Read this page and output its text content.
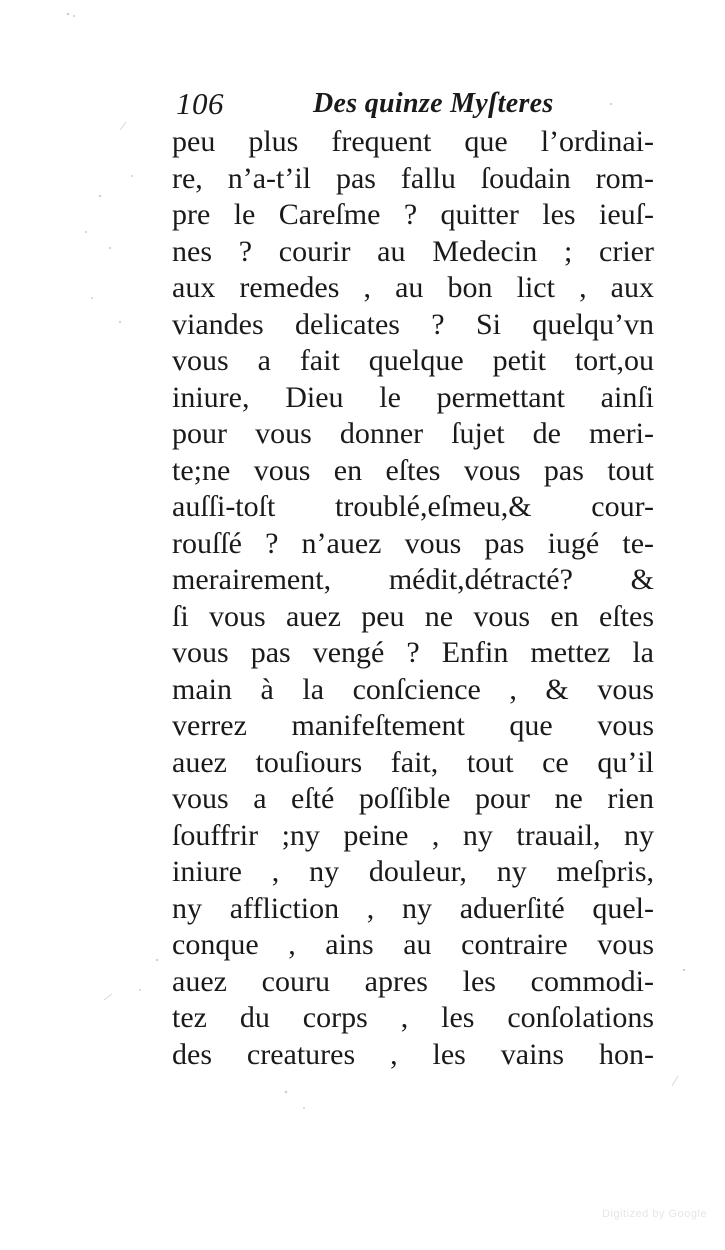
106	Des quinze Myſteres
peu plus frequent que l’ordinai-
re, n’a-t’il pas fallu ſoudain rom-
pre le Careſme ? quitter les ieuſ-
nes ? courir au Medecin ; crier
aux remedes , au bon lict , aux
viandes delicates ? Si quelqu’vn
vous a fait quelque petit tort,ou
iniure, Dieu le permettant ainſi
pour vous donner ſujet de meri-
te;ne vous en eſtes vous pas tout
auſſi-toſt troublé,eſmeu,& cour-
rouſſé ? n’auez vous pas iugé te-
merairement, médit,détracté? &
ſi vous auez peu ne vous en eſtes
vous pas vengé ? Enfin mettez la
main à la conſcience , & vous
verrez manifeſtement que vous
auez touſiours fait, tout ce qu’il
vous a eſté poſſible pour ne rien
ſouffrir ;ny peine , ny trauail, ny
iniure , ny douleur, ny meſpris,
ny affliction , ny aduerſité quel-
conque , ains au contraire vous
auez couru apres les commodi-
tez du corps , les conſolations
des creatures , les vains hon-
Digitized by Google
